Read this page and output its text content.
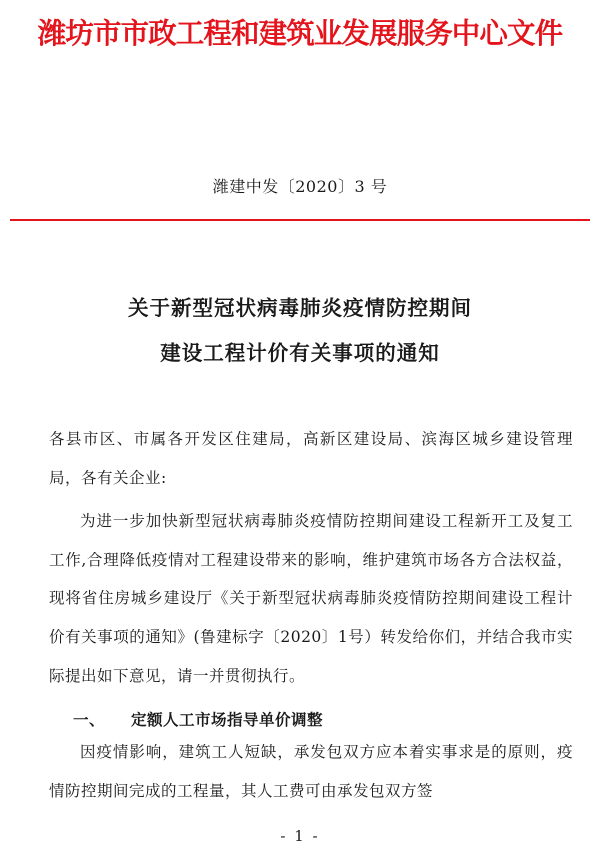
潍坊市市政工程和建筑业发展服务中心文件
潍建中发〔2020〕3 号
关于新型冠状病毒肺炎疫情防控期间
建设工程计价有关事项的通知
各县市区、市属各开发区住建局，高新区建设局、滨海区城乡建设管理局，各有关企业:
为进一步加快新型冠状病毒肺炎疫情防控期间建设工程新开工及复工工作,合理降低疫情对工程建设带来的影响，维护建筑市场各方合法权益，现将省住房城乡建设厅《关于新型冠状病毒肺炎疫情防控期间建设工程计价有关事项的通知》(鲁建标字〔2020〕1号）转发给你们，并结合我市实际提出如下意见，请一并贯彻执行。
一、 定额人工市场指导单价调整
因疫情影响，建筑工人短缺，承发包双方应本着实事求是的原则，疫情防控期间完成的工程量，其人工费可由承发包双方签
- 1 -
